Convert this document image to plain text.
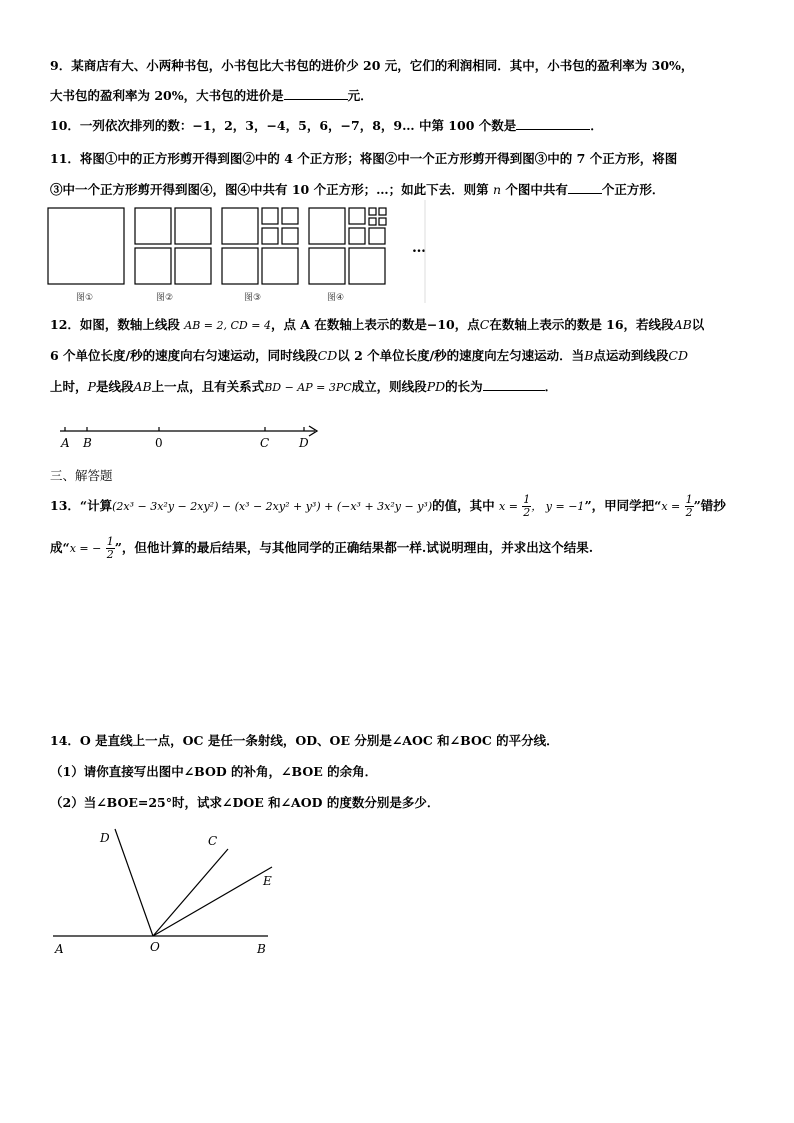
9．某商店有大、小两种书包，小书包比大书包的进价少 20 元，它们的利润相同．其中，小书包的盈利率为 30%，
大书包的盈利率为 20%，大书包的进价是	元．
10．一列依次排列的数：−1，2，3，−4，5，6，−7，8，9… 中第 100 个数是	．
11．将图①中的正方形剪开得到图②中的 4 个正方形；将图②中一个正方形剪开得到图③中的 7 个正方形，将图
③中一个正方形剪开得到图④，图④中共有 10 个正方形；…；如此下去．则第 n 个图中共有	个正方形．
…
图①	图②	图③	图④
12．如图，数轴上线段 AB = 2, CD = 4，点 A 在数轴上表示的数是−10，点C在数轴上表示的数是 16，若线段AB以
6 个单位长度/秒的速度向右匀速运动，同时线段CD以 2 个单位长度/秒的速度向左匀速运动．当B点运动到线段CD
上时，P是线段AB上一点，且有关系式BD − AP = 3PC成立，则线段PD的长为	．
A B	0	C D
三、解答题
13．“计算(2x³ − 3x²y − 2xy²) − (x³ − 2xy² + y³) + (−x³ + 3x²y − y³)的值，其中 $x = \frac{1}{2}$ ， y = −1”，甲同学把“$x = \frac{1}{2}$ ”错抄
成“x = − $\frac{1}{2}$ ”，但他计算的最后结果，与其他同学的正确结果都一样.试说明理由，并求出这个结果.
14．O 是直线上一点，OC 是任一条射线，OD、OE 分别是∠AOC 和∠BOC 的平分线．
（1）请你直接写出图中∠BOD 的补角，∠BOE 的余角．
（2）当∠BOE=25°时，试求∠DOE 和∠AOD 的度数分别是多少．
D	C
E
A	O	B
